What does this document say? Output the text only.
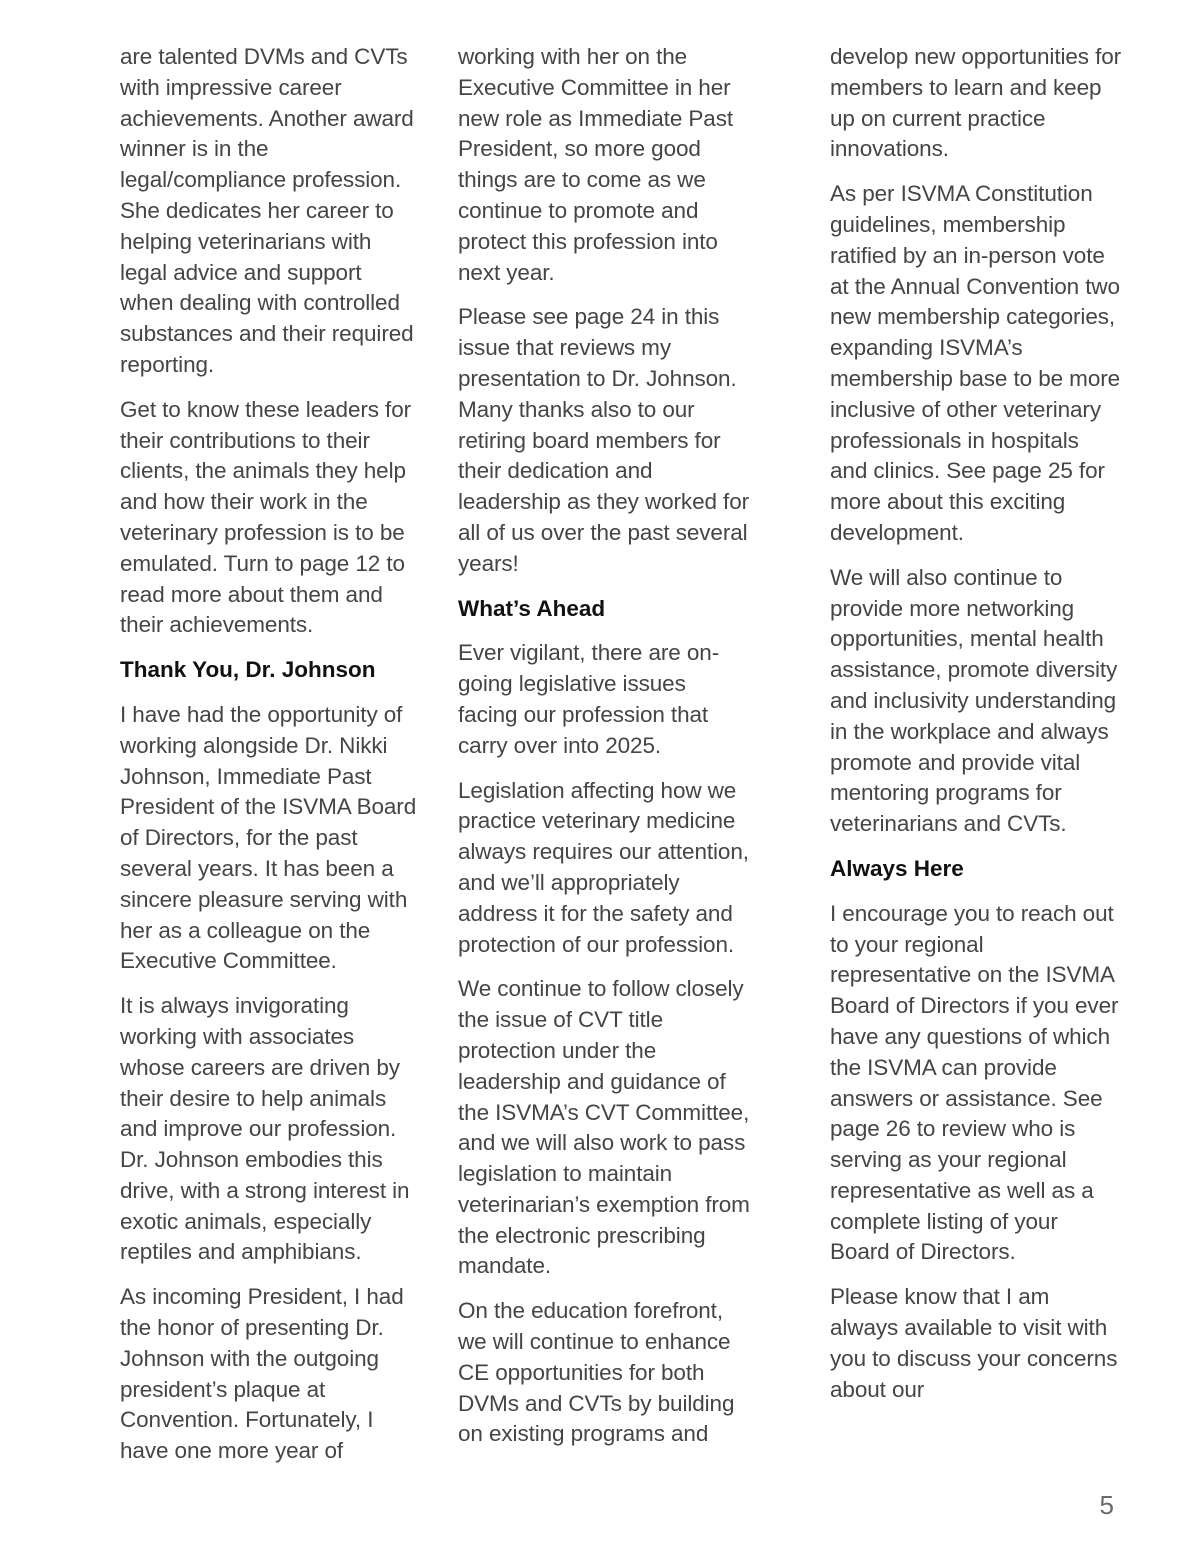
are talented DVMs and CVTs with impressive career achievements. Another award winner is in the legal/compliance profession. She dedicates her career to helping veterinarians with legal advice and support when dealing with controlled substances and their required reporting.

Get to know these leaders for their contributions to their clients, the animals they help and how their work in the veterinary profession is to be emulated. Turn to page 12 to read more about them and their achievements.

Thank You, Dr. Johnson

I have had the opportunity of working alongside Dr. Nikki Johnson, Immediate Past President of the ISVMA Board of Directors, for the past several years. It has been a sincere pleasure serving with her as a colleague on the Executive Committee.

It is always invigorating working with associates whose careers are driven by their desire to help animals and improve our profession. Dr. Johnson embodies this drive, with a strong interest in exotic animals, especially reptiles and amphibians.

As incoming President, I had the honor of presenting Dr. Johnson with the outgoing president’s plaque at Convention. Fortunately, I have one more year of

working with her on the Executive Committee in her new role as Immediate Past President, so more good things are to come as we continue to promote and protect this profession into next year.

Please see page 24 in this issue that reviews my presentation to Dr. Johnson. Many thanks also to our retiring board members for their dedication and leadership as they worked for all of us over the past several years!

What’s Ahead

Ever vigilant, there are on-going legislative issues facing our profession that carry over into 2025.

Legislation affecting how we practice veterinary medicine always requires our attention, and we’ll appropriately address it for the safety and protection of our profession.

We continue to follow closely the issue of CVT title protection under the leadership and guidance of the ISVMA’s CVT Committee, and we will also work to pass legislation to maintain veterinarian’s exemption from the electronic prescribing mandate.

On the education forefront, we will continue to enhance CE opportunities for both DVMs and CVTs by building on existing programs and

develop new opportunities for members to learn and keep up on current practice innovations.

As per ISVMA Constitution guidelines, membership ratified by an in-person vote at the Annual Convention two new membership categories, expanding ISVMA’s membership base to be more inclusive of other veterinary professionals in hospitals and clinics. See page 25 for more about this exciting development.

We will also continue to provide more networking opportunities, mental health assistance, promote diversity and inclusivity understanding in the workplace and always promote and provide vital mentoring programs for veterinarians and CVTs.

Always Here

I encourage you to reach out to your regional representative on the ISVMA Board of Directors if you ever have any questions of which the ISVMA can provide answers or assistance. See page 26 to review who is serving as your regional representative as well as a complete listing of your Board of Directors.

Please know that I am always available to visit with you to discuss your concerns about our

5
